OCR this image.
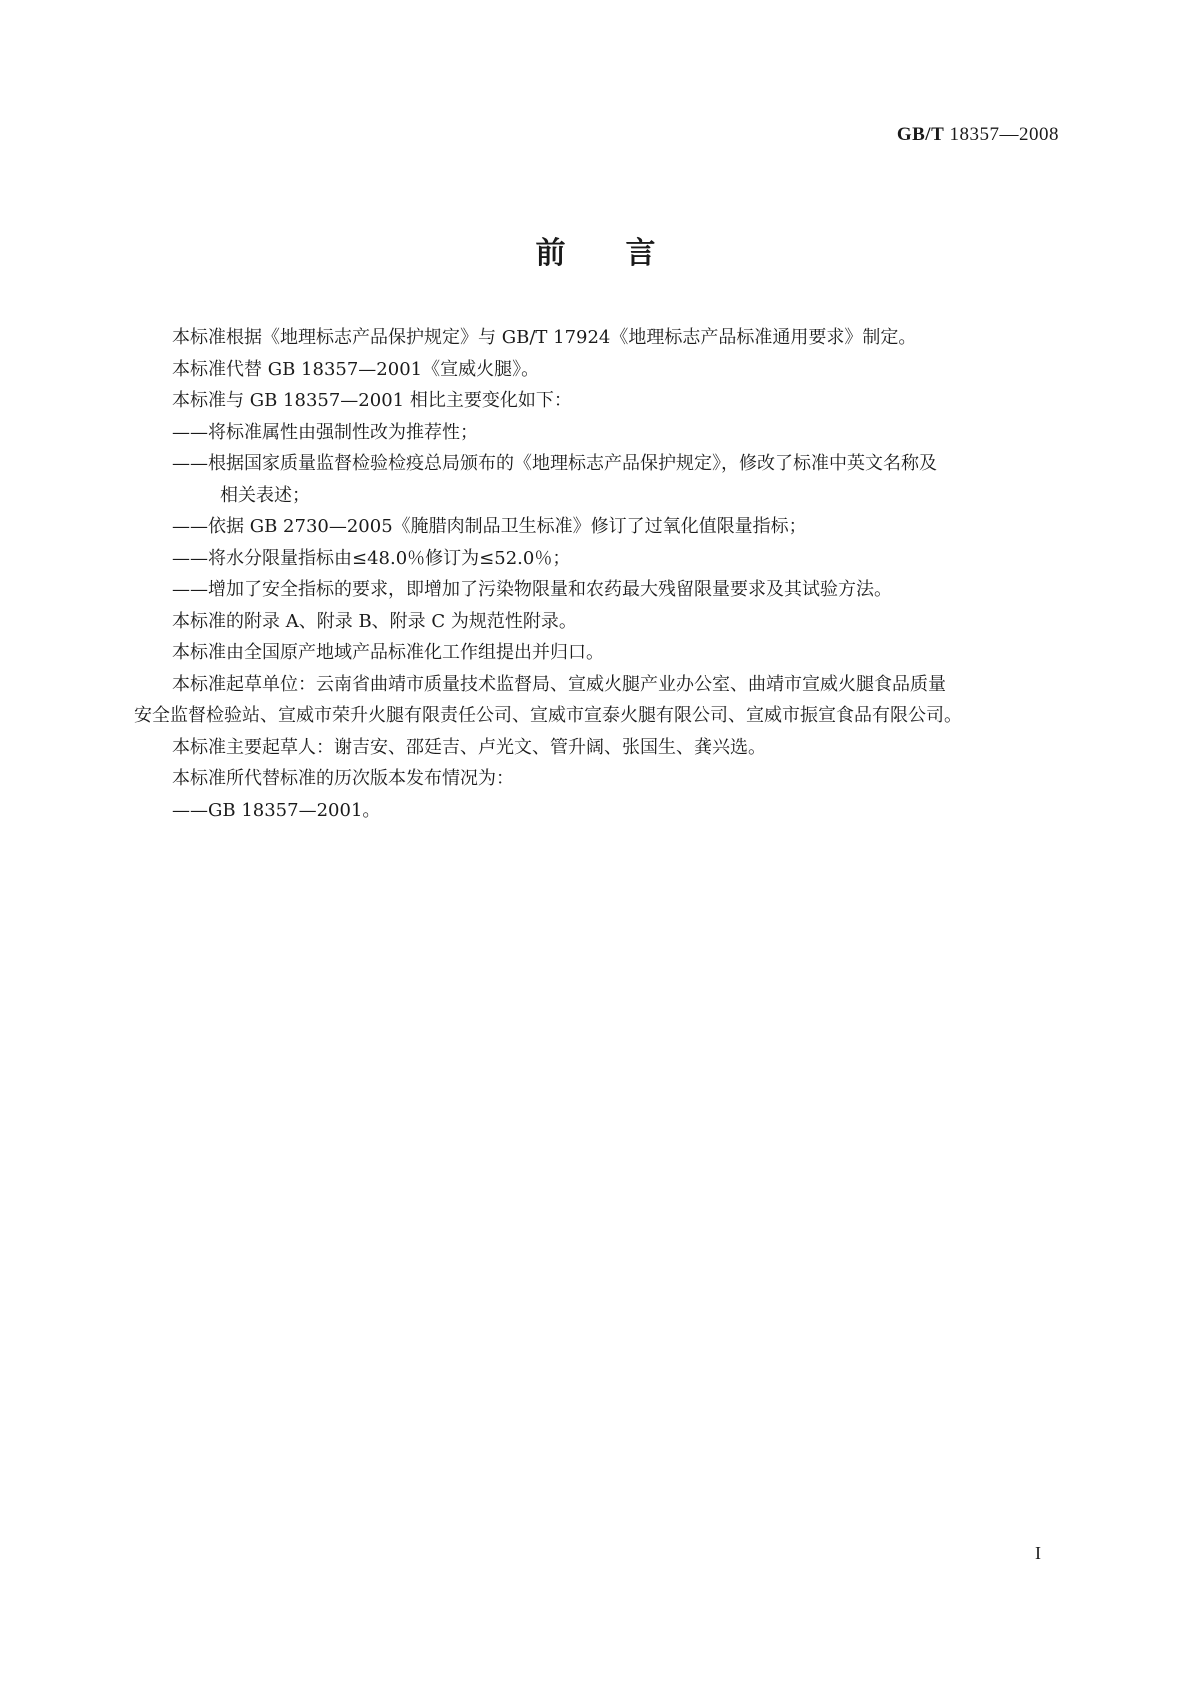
GB/T 18357—2008
前言

本标准根据《地理标志产品保护规定》与 GB/T 17924《地理标志产品标准通用要求》制定。

本标准代替 GB 18357—2001《宣威火腿》。

本标准与 GB 18357—2001 相比主要变化如下：

——将标准属性由强制性改为推荐性；

——根据国家质量监督检验检疫总局颁布的《地理标志产品保护规定》，修改了标准中英文名称及

相关表述；

——依据 GB 2730—2005《腌腊肉制品卫生标准》修订了过氧化值限量指标；

——将水分限量指标由≤48.0％修订为≤52.0％；

——增加了安全指标的要求，即增加了污染物限量和农药最大残留限量要求及其试验方法。

本标准的附录 A、附录 B、附录 C 为规范性附录。

本标准由全国原产地域产品标准化工作组提出并归口。

本标准起草单位：云南省曲靖市质量技术监督局、宣威火腿产业办公室、曲靖市宣威火腿食品质量

安全监督检验站、宣威市荣升火腿有限责任公司、宣威市宣泰火腿有限公司、宣威市振宣食品有限公司。

本标准主要起草人：谢吉安、邵廷吉、卢光文、管升阔、张国生、龚兴选。

本标准所代替标准的历次版本发布情况为：

——GB 18357—2001。

I
